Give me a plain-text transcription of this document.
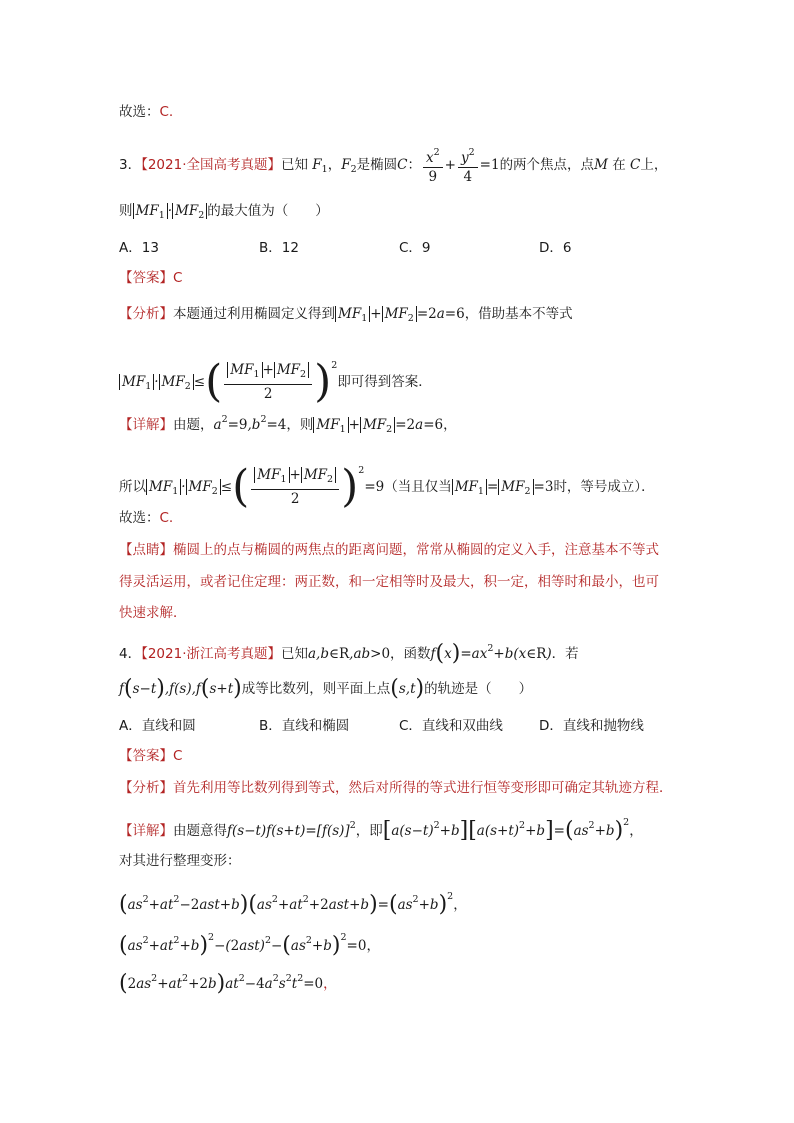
故选：C.
3．【2021·全国高考真题】已知 $F_1$，$F_2$是椭圆C： $\frac{x^2}{9} + \frac{y^2}{4} =1$的两个焦点，点M 在 C上，
则 $MF_1 \cdot MF_2$ 的最大值为（　　）
A．13	B．12	C．9	D．6
【答案】C
【分析】本题通过利用椭圆定义得到 $MF_1 + MF_2 =2a=6$，借助基本不等式
$MF_1 \cdot MF_2$ ≤( $\frac{MF_1 + MF_2}{2} )^2$即可得到答案．
【详解】由题，$a^2=9,b^2=4$，则 $MF_1 + MF_2 =2a=6$，
所以 $MF_1 \cdot MF_2$ ≤( $\frac{MF_1 + MF_2}{2} )^2=9$（当且仅当 $MF_1 = MF_2 =3$时，等号成立）．
故选：C.
【点睛】椭圆上的点与椭圆的两焦点的距离问题，常常从椭圆的定义入手，注意基本不等式
得灵活运用，或者记住定理：两正数，和一定相等时及最大，积一定，相等时和最小，也可
快速求解．
4．【2021·浙江高考真题】已知a,b∈R,ab>0，函数$f(x)=ax^2+b(x\in R)$．若
f(s−t),f(s),f(s+t)成等比数列，则平面上点(s,t)的轨迹是（　　）
A．直线和圆	B．直线和椭圆	C．直线和双曲线	D．直线和抛物线
【答案】C
【分析】首先利用等比数列得到等式，然后对所得的等式进行恒等变形即可确定其轨迹方程．
【详解】由题意得$f(s-t)f(s+t)=[f(s)]^2$，即$[a(s-t)^2+b][a(s+t)^2+b]=(as^2+b)^2$，
对其进行整理变形：
$(as^2+at^2-2ast+b)(as^2+at^2+2ast+b)=(as^2+b)^2$，
$(as^2+at^2+b)^2-(2ast)^2-(as^2+b)^2=0$，
$(2as^2+at^2+2b)at^2-4a^2s^2t^2=0$，
